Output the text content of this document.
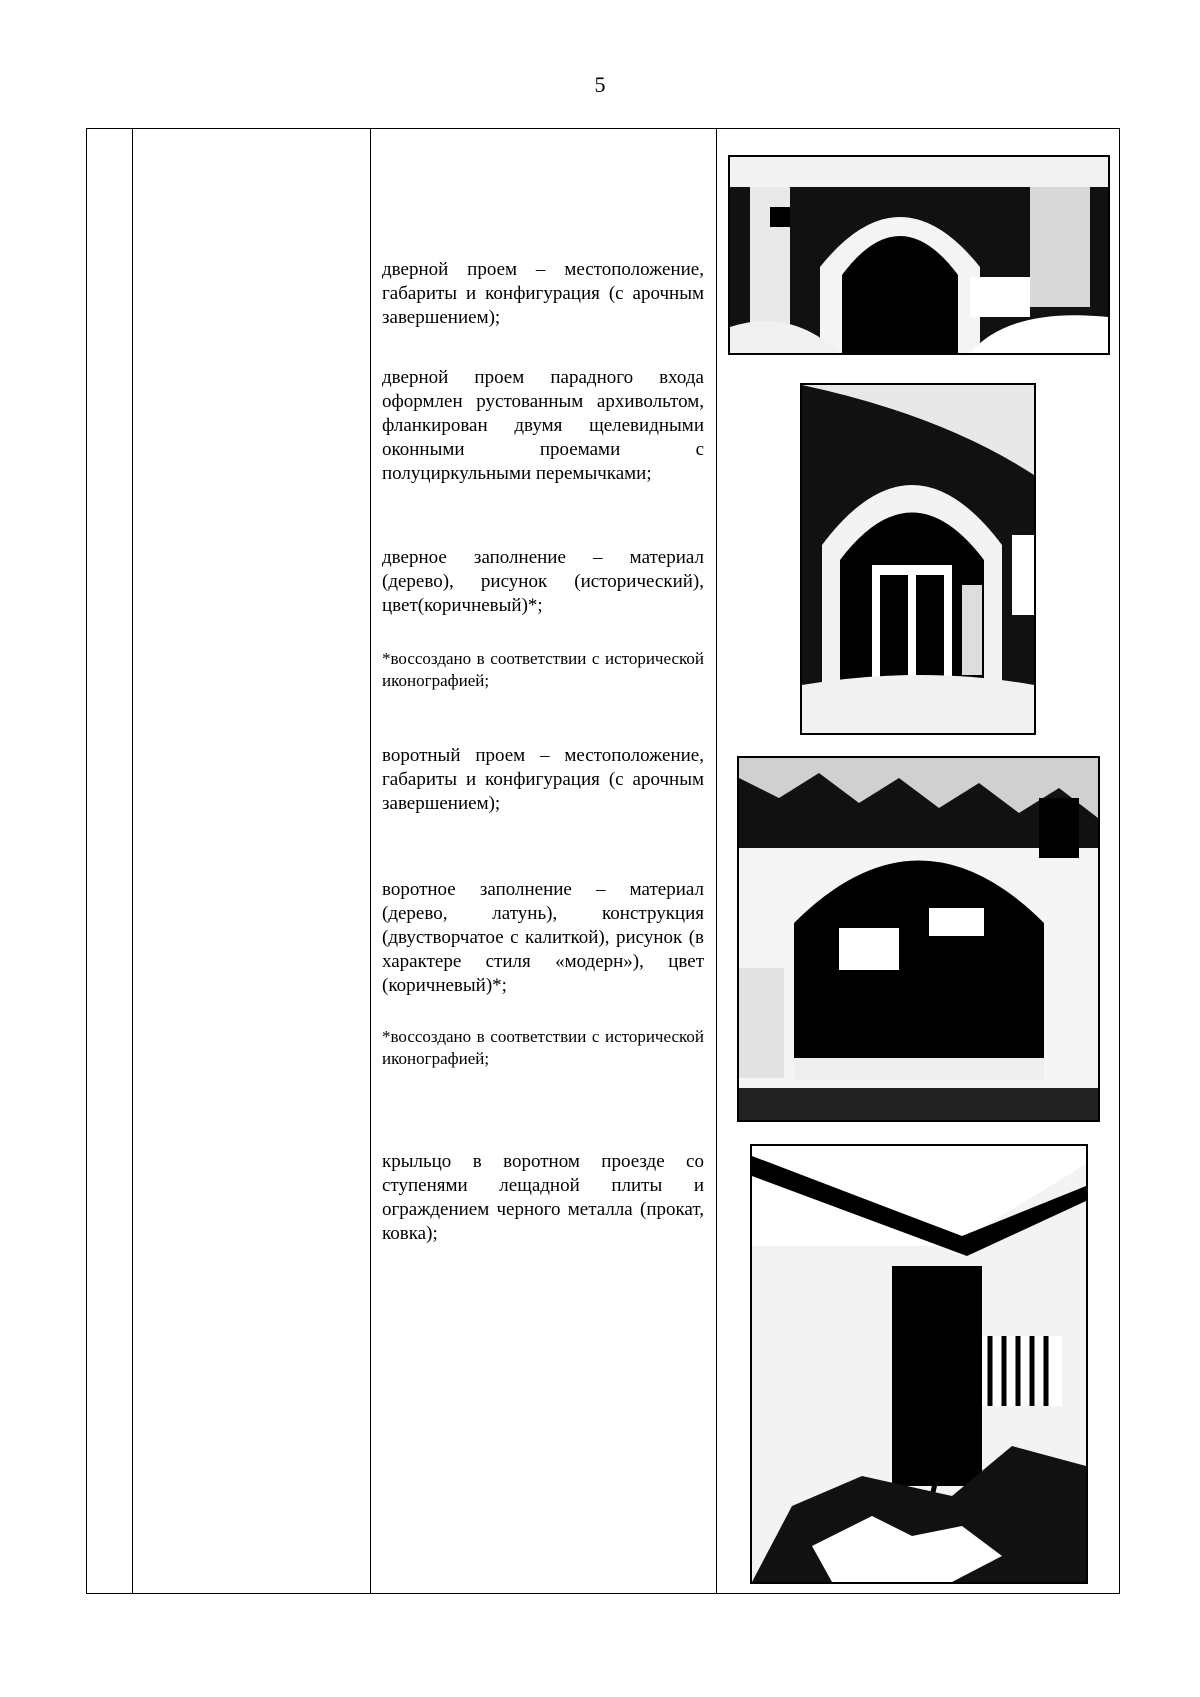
5

дверной проем – местоположение, габариты и конфигурация (с арочным завершением);

дверной проем парадного входа оформлен рустованным архивольтом, фланкирован двумя щелевидными оконными проемами с полуциркульными перемычками;

дверное заполнение – материал (дерево), рисунок (исторический), цвет(коричневый)*;

*воссоздано в соответствии с исторической иконографией;

воротный проем – местоположение, габариты и конфигурация (с арочным завершением);

воротное заполнение – материал (дерево, латунь), конструкция (двустворчатое с калиткой), рисунок (в характере стиля «модерн»), цвет (коричневый)*;

*воссоздано в соответствии с исторической иконографией;

крыльцо в воротном проезде со ступенями лещадной плиты и ограждением черного металла (прокат, ковка);
